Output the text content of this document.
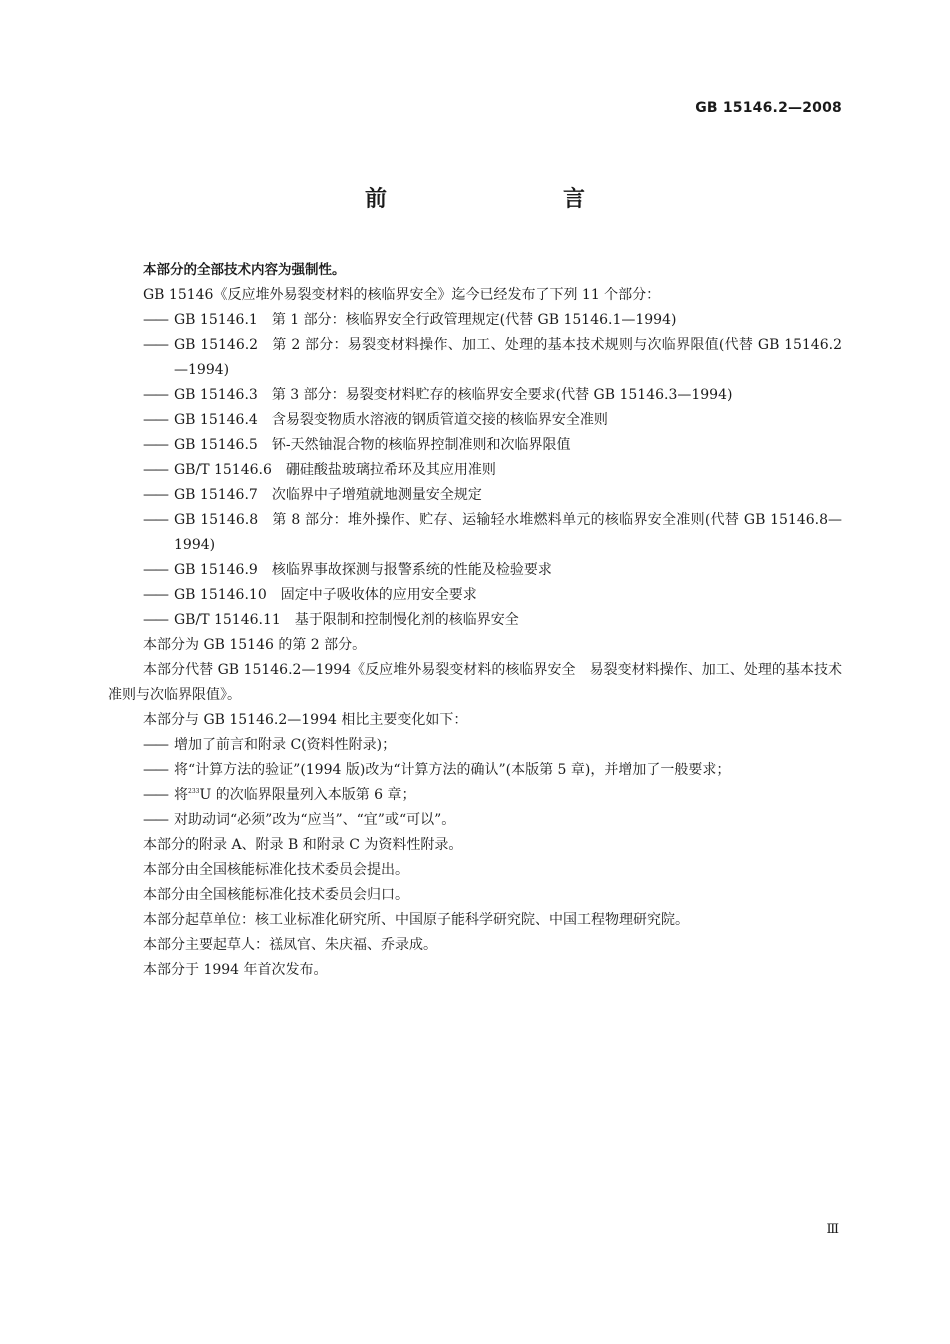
GB 15146.2—2008
前　　言

本部分的全部技术内容为强制性。

GB 15146《反应堆外易裂变材料的核临界安全》迄今已经发布了下列 11 个部分：

—— GB 15146.1 第 1 部分：核临界安全行政管理规定(代替 GB 15146.1—1994)

—— GB 15146.2 第 2 部分：易裂变材料操作、加工、处理的基本技术规则与次临界限值(代替 GB 15146.2—1994)

—— GB 15146.3 第 3 部分：易裂变材料贮存的核临界安全要求(代替 GB 15146.3—1994)

—— GB 15146.4 含易裂变物质水溶液的钢质管道交接的核临界安全准则

—— GB 15146.5 钚-天然铀混合物的核临界控制准则和次临界限值

—— GB/T 15146.6 硼硅酸盐玻璃拉希环及其应用准则

—— GB 15146.7 次临界中子增殖就地测量安全规定

—— GB 15146.8 第 8 部分：堆外操作、贮存、运输轻水堆燃料单元的核临界安全准则(代替 GB 15146.8—1994)

—— GB 15146.9 核临界事故探测与报警系统的性能及检验要求

—— GB 15146.10 固定中子吸收体的应用安全要求

—— GB/T 15146.11 基于限制和控制慢化剂的核临界安全

本部分为 GB 15146 的第 2 部分。

本部分代替 GB 15146.2—1994《反应堆外易裂变材料的核临界安全　易裂变材料操作、加工、处理的基本技术准则与次临界限值》。

本部分与 GB 15146.2—1994 相比主要变化如下：

—— 增加了前言和附录 C(资料性附录)；

—— 将“计算方法的验证”(1994 版)改为“计算方法的确认”(本版第 5 章)，并增加了一般要求；

—— 将$^{233}$U 的次临界限量列入本版第 6 章；

—— 对助动词“必须”改为“应当”、“宜”或“可以”。

本部分的附录 A、附录 B 和附录 C 为资料性附录。

本部分由全国核能标准化技术委员会提出。

本部分由全国核能标准化技术委员会归口。

本部分起草单位：核工业标准化研究所、中国原子能科学研究院、中国工程物理研究院。

本部分主要起草人：禚凤官、朱庆福、乔录成。

本部分于 1994 年首次发布。

Ⅲ
